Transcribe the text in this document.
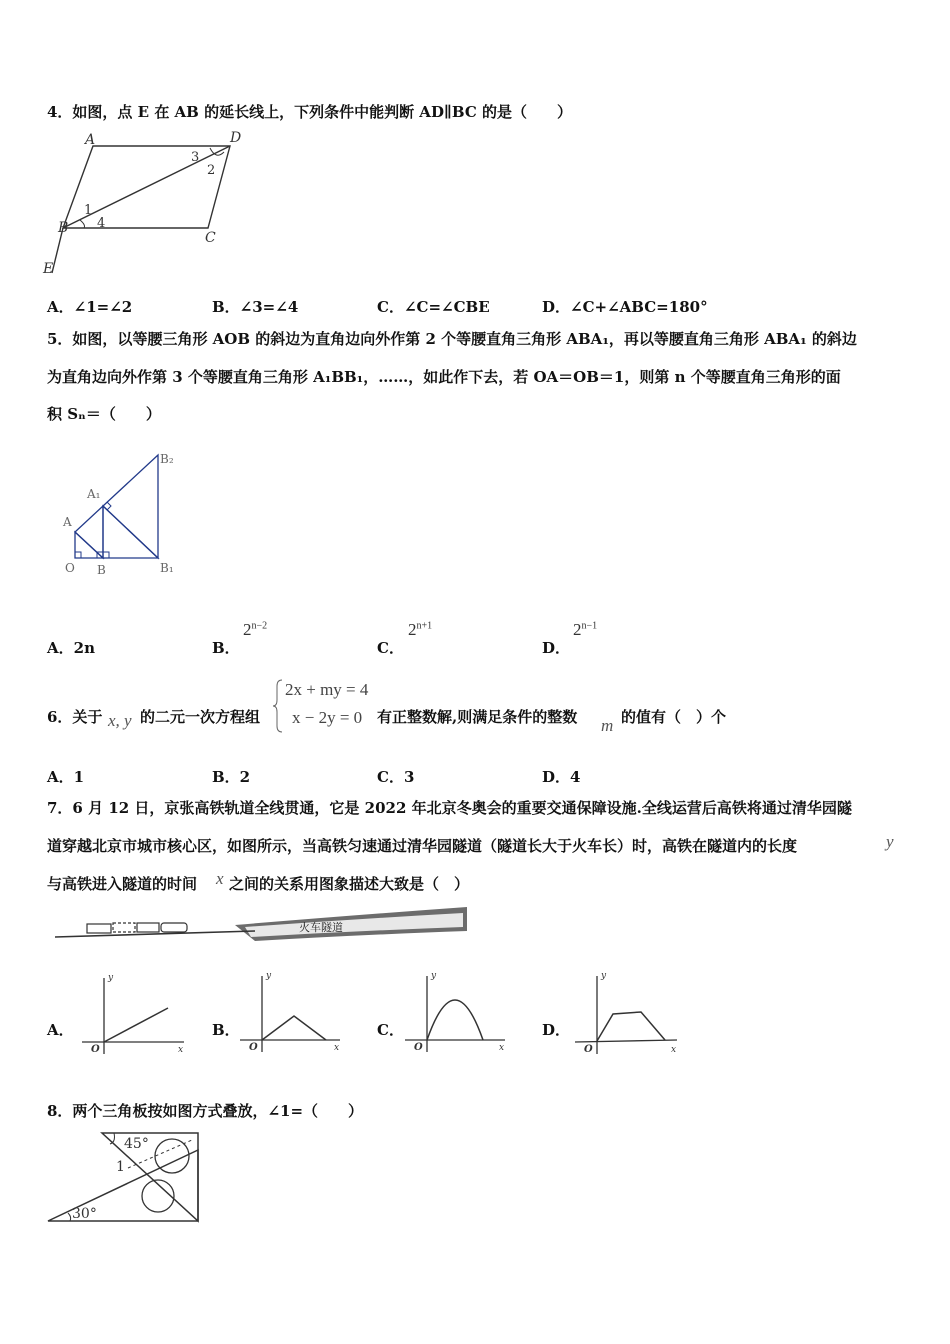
4．如图，点 E 在 AB 的延长线上，下列条件中能判断 AD∥BC 的是（　　）
A	D
B
C
E
1
2
3
4
A．∠1=∠2	B．∠3=∠4	C．∠C=∠CBE	D．∠C+∠ABC=180°
5．如图，以等腰三角形 AOB 的斜边为直角边向外作第 2 个等腰直角三角形 ABA₁，再以等腰直角三角形 ABA₁ 的斜边
为直角边向外作第 3 个等腰直角三角形 A₁BB₁，……，如此作下去，若 OA＝OB＝1，则第 n 个等腰直角三角形的面
积 Sₙ＝（　　）
B₂
A₁
A
O B	B₁
A．2n	B．
$2^{n-2}$
C．
$2^{n+1}$
D．
$2^{n-1}$
6．关于 x, y 的二元一次方程组
2x + my = 4
x − 2y = 0 有正整数解,则满足条件的整数 m 的值有（　）个
A．1	B．2	C．3	D．4
7．6 月 12 日，京张高铁轨道全线贯通，它是 2022 年北京冬奥会的重要交通保障设施.全线运营后高铁将通过清华园隧
道穿越北京市城市核心区，如图所示，当高铁匀速通过清华园隧道（隧道长大于火车长）时，高铁在隧道内的长度	y
与高铁进入隧道的时间 x 之间的关系用图象描述大致是（　）
火车隧道
A．
y
x
O
B．
y
x
O
C．
y
x
O
D．
y
x
O
8．两个三角板按如图方式叠放，∠1=（　　）
45°
1
30°
